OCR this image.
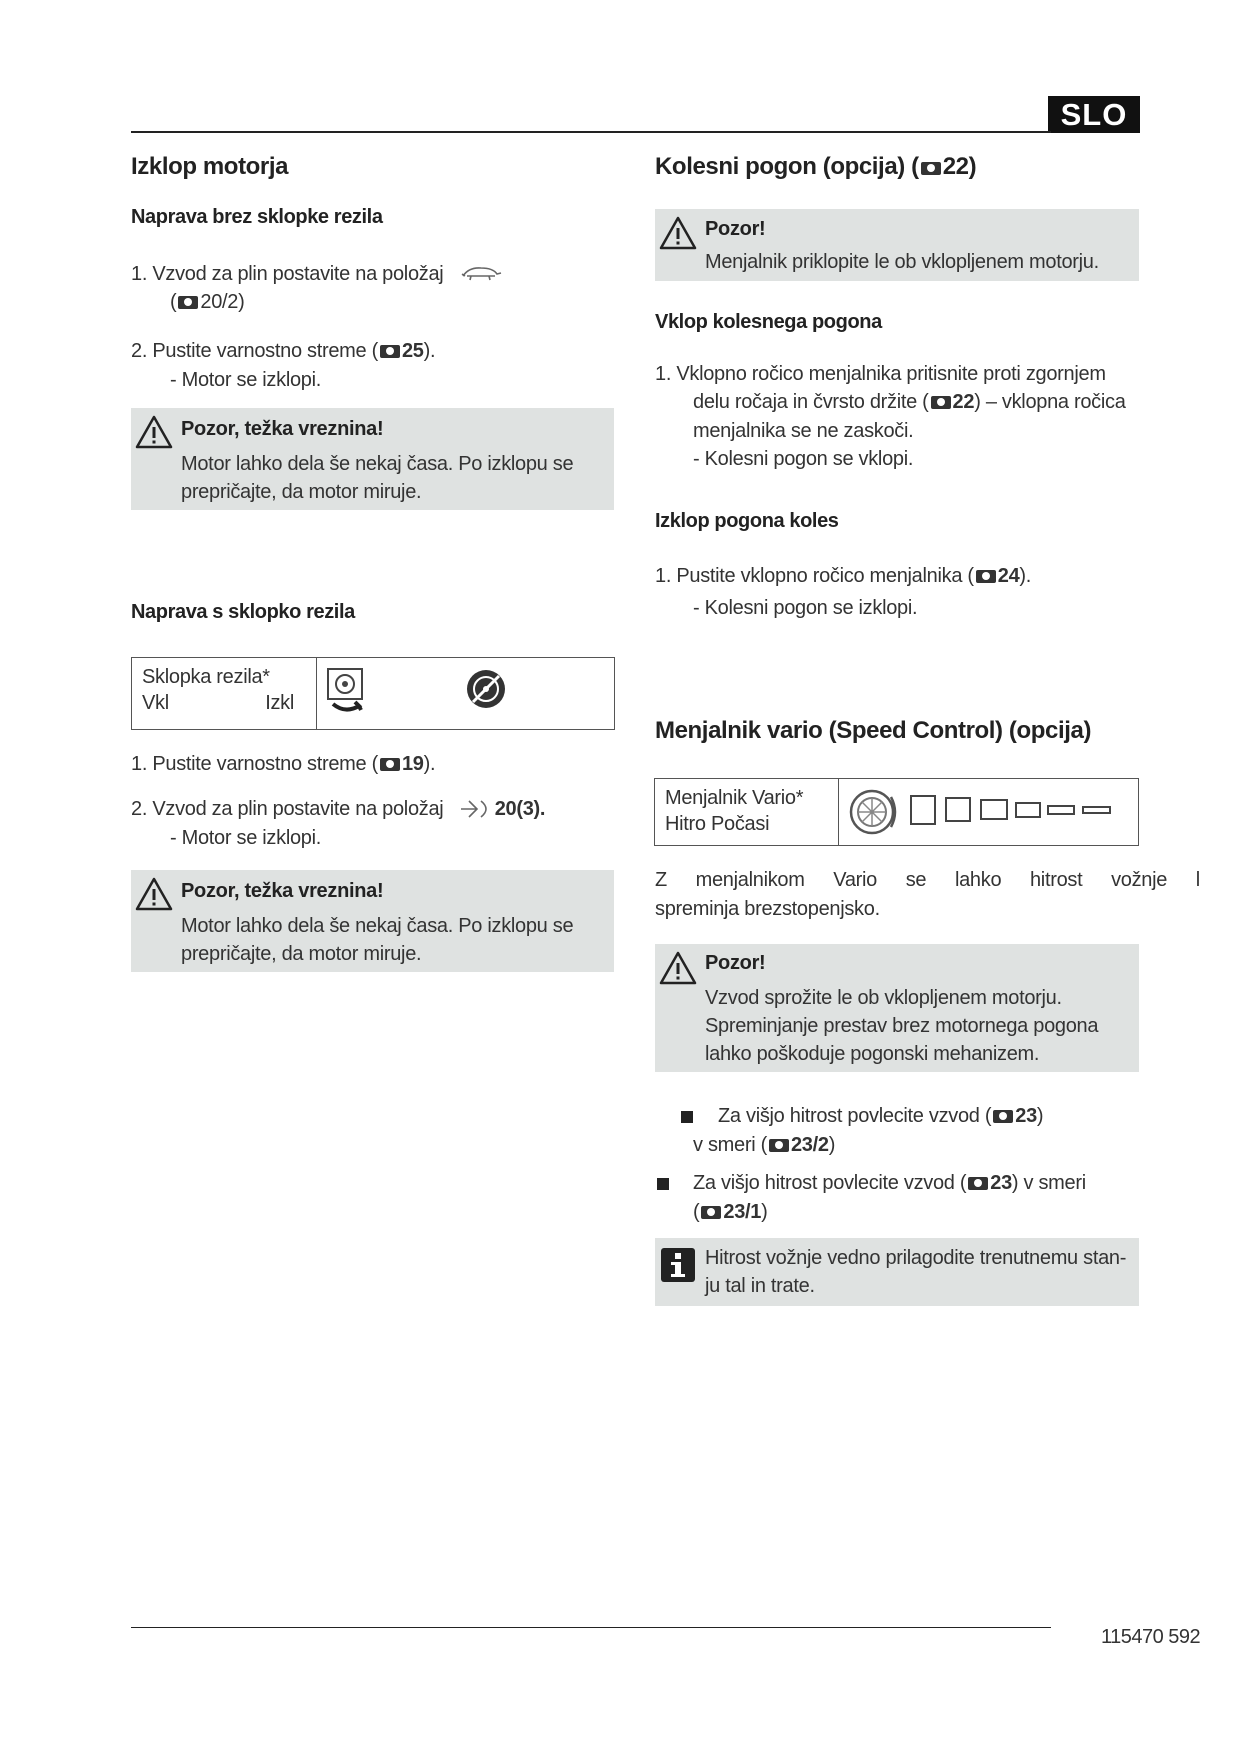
SLO
Izklop motorja
Naprava brez sklopke rezila
1. Vzvod za plin postavite na položaj
( 20/2)
2. Pustite varnostno streme ( 25).
- Motor se izklopi.
Pozor, težka vreznina!
Motor lahko dela še nekaj časa. Po izklopu se
prepričajte, da motor miruje.
Naprava s sklopko rezila
Sklopka rezila*
Vkl	Izkl
1. Pustite varnostno streme ( 19).
2. Vzvod za plin postavite na položaj	20(3).
- Motor se izklopi.
Pozor, težka vreznina!
Motor lahko dela še nekaj časa. Po izklopu se
prepričajte, da motor miruje.
Kolesni pogon (opcija) ( 22)
Pozor!
Menjalnik priklopite le ob vklopljenem motorju.
Vklop kolesnega pogona
1. Vklopno ročico menjalnika pritisnite proti zgornjem
delu ročaja in čvrsto držite ( 22) – vklopna ročica
menjalnika se ne zaskoči.
- Kolesni pogon se vklopi.
Izklop pogona koles
1. Pustite vklopno ročico menjalnika ( 24).
- Kolesni pogon se izklopi.
Menjalnik vario (Speed Control) (opcija)
Menjalnik Vario*
Hitro Počasi
Z menjalnikom Vario se lahko hitrost vožnje l
spreminja brezstopenjsko.
Pozor!
Vzvod sprožite le ob vklopljenem motorju.
Spreminjanje prestav brez motornega pogona
lahko poškoduje pogonski mehanizem.
Za višjo hitrost povlecite vzvod ( 23)
v smeri ( 23/2)
Za višjo hitrost povlecite vzvod ( 23) v smeri
( 23/1)
Hitrost vožnje vedno prilagodite trenutnemu stan-
ju tal in trate.
115470 592
